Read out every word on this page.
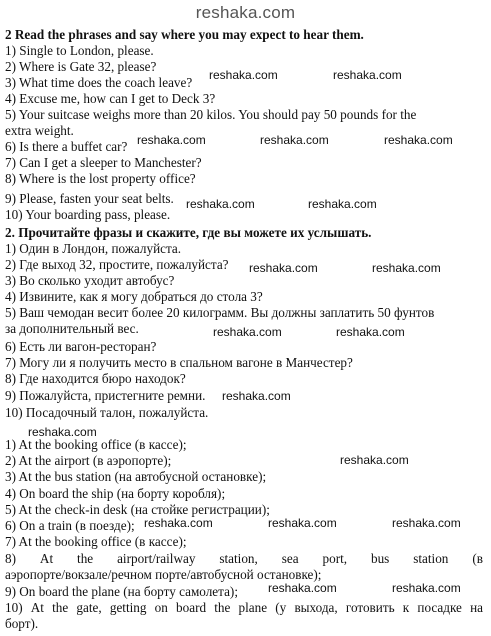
reshaka.com
2 Read the phrases and say where you may expect to hear them.
1) Single to London, please.
2) Where is Gate 32, please?
3) What time does the coach leave?
4) Excuse me, how can I get to Deck 3?
5) Your suitcase weighs more than 20 kilos. You should pay 50 pounds for the
extra weight.
6) Is there a buffet car?
7) Can I get a sleeper to Manchester?
8) Where is the lost property office?
9) Please, fasten your seat belts.
10) Your boarding pass, please.
2. Прочитайте фразы и скажите, где вы можете их услышать.
1) Один в Лондон, пожалуйста.
2) Где выход 32, простите, пожалуйста?
3) Во сколько уходит автобус?
4) Извините, как я могу добраться до стола 3?
5) Ваш чемодан весит более 20 килограмм. Вы должны заплатить 50 фунтов
за дополнительный вес.
6) Есть ли вагон-ресторан?
7) Могу ли я получить место в спальном вагоне в Манчестер?
8) Где находится бюро находок?
9) Пожалуйста, пристегните ремни.
10) Посадочный талон, пожалуйста.
1) At the booking office (в кассе);
2) At the airport (в аэропорте);
3) At the bus station (на автобусной остановке);
4) On board the ship (на борту коробля);
5) At the check-in desk (на стойке регистрации);
6) On a train (в поезде);
7) At the booking office (в кассе);
8) At the airport/railway station, sea port, bus station (в
аэропорте/вокзале/речном порте/автобусной остановке);
9) On board the plane (на борту самолета);
10) At the gate, getting on board the plane (у выхода, готовить к посадке на
борт).
reshaka.com	reshaka.com
reshaka.com	reshaka.com	reshaka.com
reshaka.com	reshaka.com
reshaka.com	reshaka.com
reshaka.com	reshaka.com
reshaka.com
reshaka.com
reshaka.com
reshaka.com	reshaka.com	reshaka.com
reshaka.com	reshaka.com
